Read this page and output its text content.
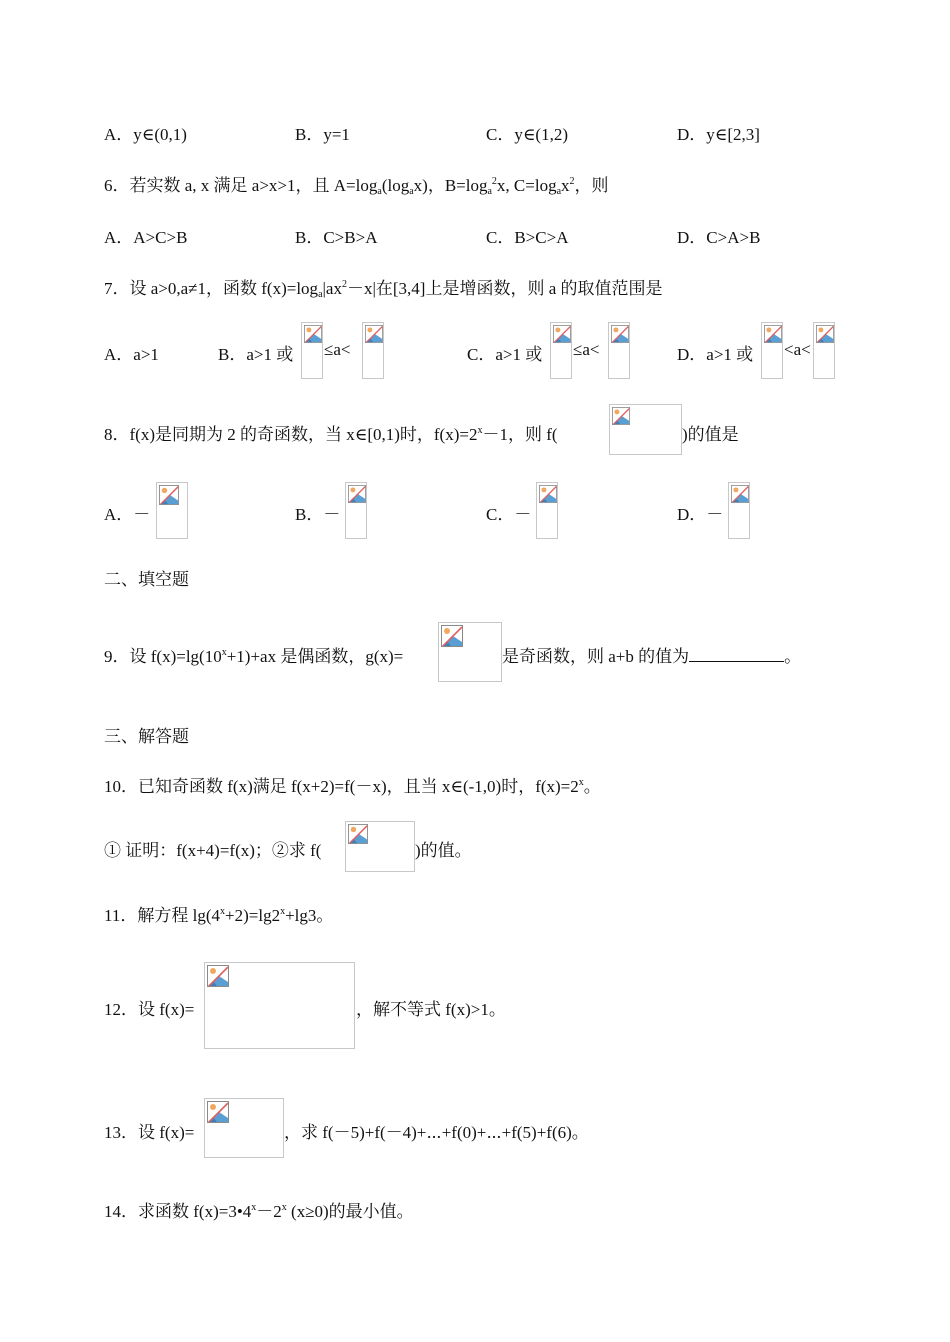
A．y∈(0,1)	B．y=1	C．y∈(1,2)	D．y∈[2,3]
6．若实数 a, x 满足 a>x>1，且 $A=\log_a(\log_ax)$，$B=\log_a^2x$, $C=\log_ax^2$，则
A．A>C>B	B．C>B>A	C．B>C>A	D．C>A>B
7．设 a>0,a≠1，函数 $f(x)=\log_a|ax^2-x|$在[3,4]上是增函数，则 a 的取值范围是
A．a>1	B．a>1 或 ≤a<	C．a>1 或 ≤a<	D．a>1 或 <a<
8．f(x)是同期为 2 的奇函数，当 x∈[0,1)时，$f(x)=2^x-1$，则 f(	)的值是
A．－	B．－	C．－	D．－
二、填空题
9．设 $f(x)=\lg(10^x+1)+ax$ 是偶函数，g(x)=	是奇函数，则 a+b 的值为	。
三、解答题
10．已知奇函数 f(x)满足 f(x+2)=f(－x)，且当 x∈(-1,0)时，$f(x)=2^x$。
① 证明：f(x+4)=f(x)；②求 f(	)的值。
11．解方程 $\lg(4^x+2)=\lg 2^x+\lg 3$。
12．设 f(x)=	，解不等式 f(x)>1。
13．设 f(x)=	，求 f(－5)+f(－4)+⋯+f(0)+⋯+f(5)+f(6)。
14．求函数 $f(x)=3•4^x-2^x$ (x≥0)的最小值。
